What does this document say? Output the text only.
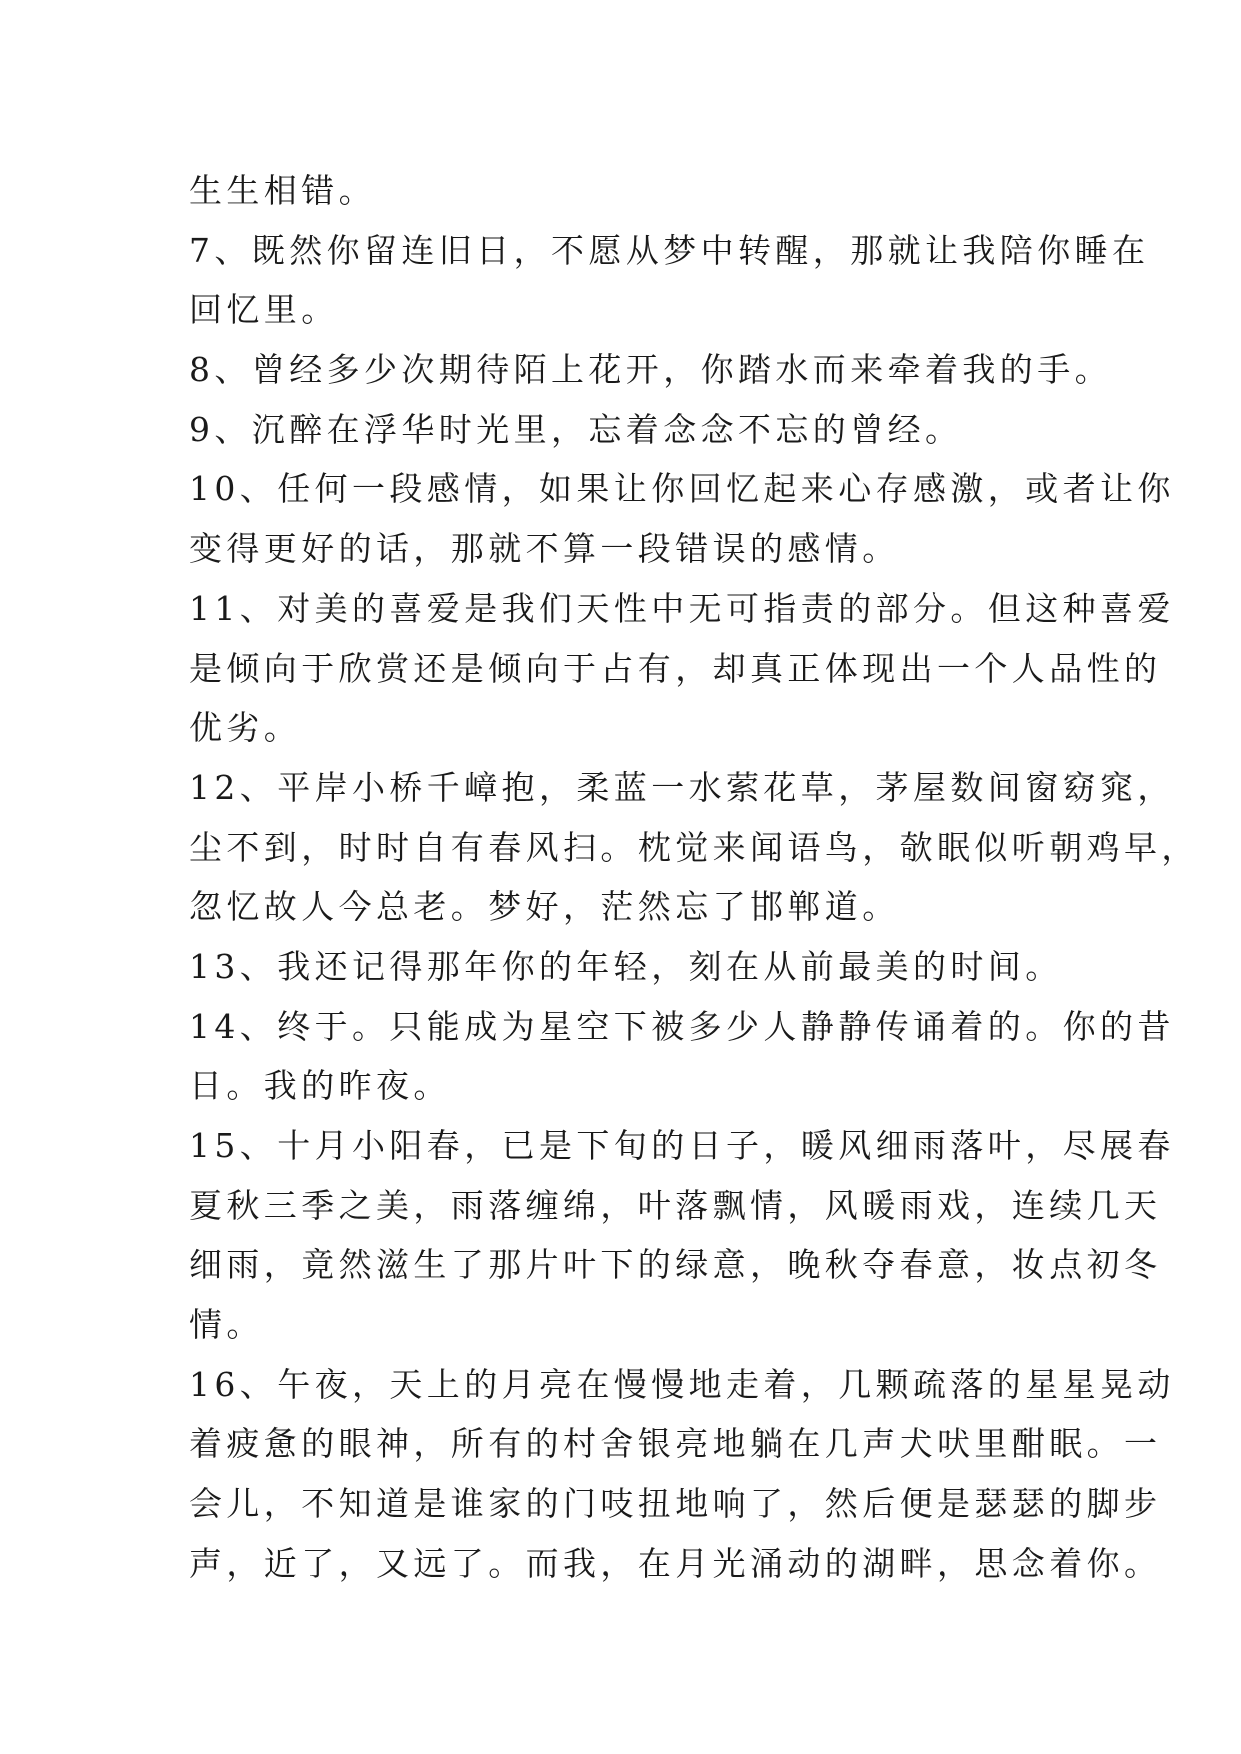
生生相错。
7、既然你留连旧日，不愿从梦中转醒，那就让我陪你睡在
回忆里。
8、曾经多少次期待陌上花开，你踏水而来牵着我的手。
9、沉醉在浮华时光里，忘着念念不忘的曾经。
10、任何一段感情，如果让你回忆起来心存感激，或者让你
变得更好的话，那就不算一段错误的感情。
11、对美的喜爱是我们天性中无可指责的部分。但这种喜爱
是倾向于欣赏还是倾向于占有，却真正体现出一个人品性的
优劣。
12、平岸小桥千嶂抱，柔蓝一水萦花草，茅屋数间窗窈窕，
尘不到，时时自有春风扫。枕觉来闻语鸟，欹眠似听朝鸡早，
忽忆故人今总老。梦好，茫然忘了邯郸道。
13、我还记得那年你的年轻，刻在从前最美的时间。
14、终于。只能成为星空下被多少人静静传诵着的。你的昔
日。我的昨夜。
15、十月小阳春，已是下旬的日子，暖风细雨落叶，尽展春
夏秋三季之美，雨落缠绵，叶落飘情，风暖雨戏，连续几天
细雨，竟然滋生了那片叶下的绿意，晚秋夺春意，妆点初冬
情。
16、午夜，天上的月亮在慢慢地走着，几颗疏落的星星晃动
着疲惫的眼神，所有的村舍银亮地躺在几声犬吠里酣眠。一
会儿，不知道是谁家的门吱扭地响了，然后便是瑟瑟的脚步
声，近了，又远了。而我，在月光涌动的湖畔，思念着你。
